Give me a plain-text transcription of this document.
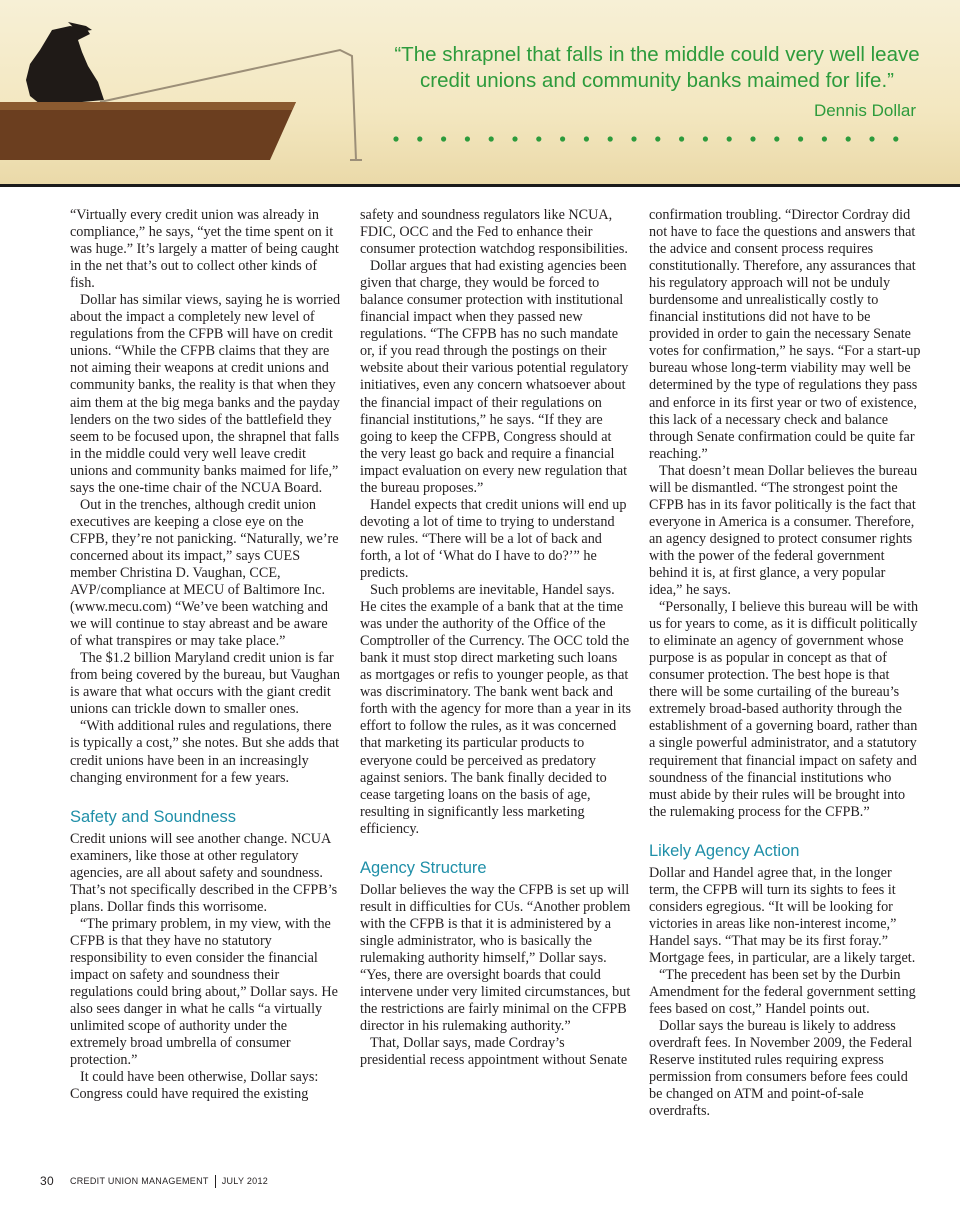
“The shrapnel that falls in the middle could very well leave credit unions and community banks maimed for life.”
Dennis Dollar

“Virtually every credit union was already in compliance,” he says, “yet the time spent on it was huge.” It’s largely a matter of being caught in the net that’s out to collect other kinds of fish.

Dollar has similar views, saying he is worried about the impact a completely new level of regulations from the CFPB will have on credit unions. “While the CFPB claims that they are not aiming their weapons at credit unions and community banks, the reality is that when they aim them at the big mega banks and the payday lenders on the two sides of the battlefield they seem to be focused upon, the shrapnel that falls in the middle could very well leave credit unions and community banks maimed for life,” says the one-time chair of the NCUA Board.

Out in the trenches, although credit union executives are keeping a close eye on the CFPB, they’re not panicking. “Naturally, we’re concerned about its impact,” says CUES member Christina D. Vaughan, CCE, AVP/compliance at MECU of Baltimore Inc. (www.mecu.com) “We’ve been watching and we will continue to stay abreast and be aware of what transpires or may take place.”

The $1.2 billion Maryland credit union is far from being covered by the bureau, but Vaughan is aware that what occurs with the giant credit unions can trickle down to smaller ones.

“With additional rules and regulations, there is typically a cost,” she notes. But she adds that credit unions have been in an increasingly changing environment for a few years.

Safety and Soundness

Credit unions will see another change. NCUA examiners, like those at other regulatory agencies, are all about safety and soundness. That’s not specifically described in the CFPB’s plans. Dollar finds this worrisome.

“The primary problem, in my view, with the CFPB is that they have no statutory responsibility to even consider the financial impact on safety and soundness their regulations could bring about,” Dollar says. He also sees danger in what he calls “a virtually unlimited scope of authority under the extremely broad umbrella of consumer protection.”

It could have been otherwise, Dollar says: Congress could have required the existing

safety and soundness regulators like NCUA, FDIC, OCC and the Fed to enhance their consumer protection watchdog responsibilities.

Dollar argues that had existing agencies been given that charge, they would be forced to balance consumer protection with institutional financial impact when they passed new regulations. “The CFPB has no such mandate or, if you read through the postings on their website about their various potential regulatory initiatives, even any concern whatsoever about the financial impact of their regulations on financial institutions,” he says. “If they are going to keep the CFPB, Congress should at the very least go back and require a financial impact evaluation on every new regulation that the bureau proposes.”

Handel expects that credit unions will end up devoting a lot of time to trying to understand new rules. “There will be a lot of back and forth, a lot of ‘What do I have to do?’” he predicts.

Such problems are inevitable, Handel says. He cites the example of a bank that at the time was under the authority of the Office of the Comptroller of the Currency. The OCC told the bank it must stop direct marketing such loans as mortgages or refis to younger people, as that was discriminatory. The bank went back and forth with the agency for more than a year in its effort to follow the rules, as it was concerned that marketing its particular products to everyone could be perceived as predatory against seniors. The bank finally decided to cease targeting loans on the basis of age, resulting in significantly less marketing efficiency.

Agency Structure

Dollar believes the way the CFPB is set up will result in difficulties for CUs. “Another problem with the CFPB is that it is administered by a single administrator, who is basically the rulemaking authority himself,” Dollar says. “Yes, there are oversight boards that could intervene under very limited circumstances, but the restrictions are fairly minimal on the CFPB director in his rulemaking authority.”

That, Dollar says, made Cordray’s presidential recess appointment without Senate

confirmation troubling. “Director Cordray did not have to face the questions and answers that the advice and consent process requires constitutionally. Therefore, any assurances that his regulatory approach will not be unduly burdensome and unrealistically costly to financial institutions did not have to be provided in order to gain the necessary Senate votes for confirmation,” he says. “For a start-up bureau whose long-term viability may well be determined by the type of regulations they pass and enforce in its first year or two of existence, this lack of a necessary check and balance through Senate confirmation could be quite far reaching.”

That doesn’t mean Dollar believes the bureau will be dismantled. “The strongest point the CFPB has in its favor politically is the fact that everyone in America is a consumer. Therefore, an agency designed to protect consumer rights with the power of the federal government behind it is, at first glance, a very popular idea,” he says.

“Personally, I believe this bureau will be with us for years to come, as it is difficult politically to eliminate an agency of government whose purpose is as popular in concept as that of consumer protection. The best hope is that there will be some curtailing of the bureau’s extremely broad-based authority through the establishment of a governing board, rather than a single powerful administrator, and a statutory requirement that financial impact on safety and soundness of the financial institutions who must abide by their rules will be brought into the rulemaking process for the CFPB.”

Likely Agency Action

Dollar and Handel agree that, in the longer term, the CFPB will turn its sights to fees it considers egregious. “It will be looking for victories in areas like non-interest income,” Handel says. “That may be its first foray.” Mortgage fees, in particular, are a likely target.

“The precedent has been set by the Durbin Amendment for the federal government setting fees based on cost,” Handel points out.

Dollar says the bureau is likely to address overdraft fees. In November 2009, the Federal Reserve instituted rules requiring express permission from consumers before fees could be changed on ATM and point-of-sale overdrafts.

30 CREDIT UNION MANAGEMENT JULY 2012
